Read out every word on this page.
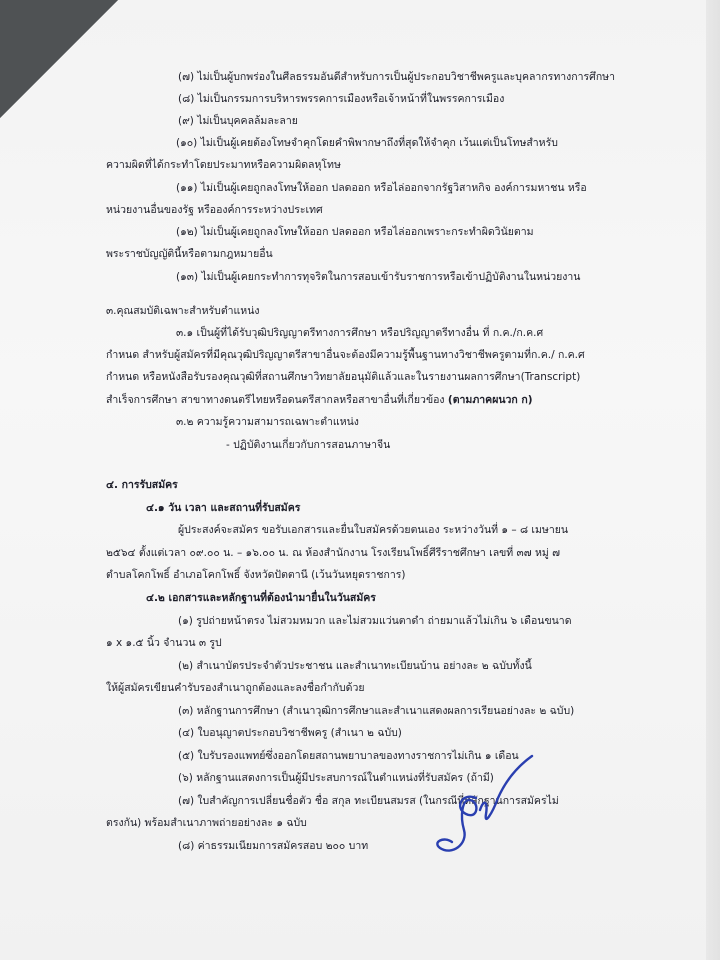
(๗) ไม่เป็นผู้บกพร่องในศีลธรรมอันดีสำหรับการเป็นผู้ประกอบวิชาชีพครูและบุคลากรทางการศึกษา
(๘) ไม่เป็นกรรมการบริหารพรรคการเมืองหรือเจ้าหน้าที่ในพรรคการเมือง
(๙) ไม่เป็นบุคคลล้มละลาย
(๑๐) ไม่เป็นผู้เคยต้องโทษจำคุกโดยคำพิพากษาถึงที่สุดให้จำคุก เว้นแต่เป็นโทษสำหรับ
ความผิดที่ได้กระทำโดยประมาทหรือความผิดลหุโทษ
(๑๑) ไม่เป็นผู้เคยถูกลงโทษให้ออก ปลดออก หรือไล่ออกจากรัฐวิสาหกิจ องค์การมหาชน หรือ
หน่วยงานอื่นของรัฐ หรือองค์การระหว่างประเทศ
(๑๒) ไม่เป็นผู้เคยถูกลงโทษให้ออก ปลดออก หรือไล่ออกเพราะกระทำผิดวินัยตาม
พระราชบัญญัตินี้หรือตามกฎหมายอื่น
(๑๓) ไม่เป็นผู้เคยกระทำการทุจริตในการสอบเข้ารับราชการหรือเข้าปฏิบัติงานในหน่วยงาน
๓.คุณสมบัติเฉพาะสำหรับตำแหน่ง
๓.๑ เป็นผู้ที่ได้รับวุฒิปริญญาตรีทางการศึกษา หรือปริญญาตรีทางอื่น ที่ ก.ค./ก.ค.ศ
กำหนด สำหรับผู้สมัครที่มีคุณวุฒิปริญญาตรีสาขาอื่นจะต้องมีความรู้พื้นฐานทางวิชาชีพครูตามที่ก.ค./ ก.ค.ศ
กำหนด หรือหนังสือรับรองคุณวุฒิที่สถานศึกษาวิทยาลัยอนุมัติแล้วและในรายงานผลการศึกษา(Transcript)
สำเร็จการศึกษา สาขาทางดนตรีไทยหรือดนตรีสากลหรือสาขาอื่นที่เกี่ยวข้อง (ตามภาคผนวก ก)
๓.๒ ความรู้ความสามารถเฉพาะตำแหน่ง
- ปฏิบัติงานเกี่ยวกับการสอนภาษาจีน
๔. การรับสมัคร
๔.๑ วัน เวลา และสถานที่รับสมัคร
ผู้ประสงค์จะสมัคร ขอรับเอกสารและยื่นใบสมัครด้วยตนเอง ระหว่างวันที่ ๑ – ๘ เมษายน
๒๕๖๔ ตั้งแต่เวลา ๐๙.๐๐ น. – ๑๖.๐๐ น. ณ ห้องสำนักงาน โรงเรียนโพธิ์ศีรีราชศึกษา เลขที่ ๓๗ หมู่ ๗
ตำบลโคกโพธิ์ อำเภอโคกโพธิ์ จังหวัดปัตตานี (เว้นวันหยุดราชการ)
๔.๒ เอกสารและหลักฐานที่ต้องนำมายื่นในวันสมัคร
(๑) รูปถ่ายหน้าตรง ไม่สวมหมวก และไม่สวมแว่นตาดำ ถ่ายมาแล้วไม่เกิน ๖ เดือนขนาด
๑ x ๑.๕ นิ้ว จำนวน ๓ รูป
(๒) สำเนาบัตรประจำตัวประชาชน และสำเนาทะเบียนบ้าน อย่างละ ๒ ฉบับทั้งนี้
ให้ผู้สมัครเขียนคำรับรองสำเนาถูกต้องและลงชื่อกำกับด้วย
(๓) หลักฐานการศึกษา (สำเนาวุฒิการศึกษาและสำเนาแสดงผลการเรียนอย่างละ ๒ ฉบับ)
(๔) ใบอนุญาตประกอบวิชาชีพครู (สำเนา ๒ ฉบับ)
(๕) ใบรับรองแพทย์ซึ่งออกโดยสถานพยาบาลของทางราชการไม่เกิน ๑ เดือน
(๖) หลักฐานแสดงการเป็นผู้มีประสบการณ์ในตำแหน่งที่รับสมัคร (ถ้ามี)
(๗) ใบสำคัญการเปลี่ยนชื่อตัว ชื่อ สกุล ทะเบียนสมรส (ในกรณีที่หลักฐานการสมัครไม่
ตรงกัน) พร้อมสำเนาภาพถ่ายอย่างละ ๑ ฉบับ
(๘) ค่าธรรมเนียมการสมัครสอบ ๒๐๐ บาท
